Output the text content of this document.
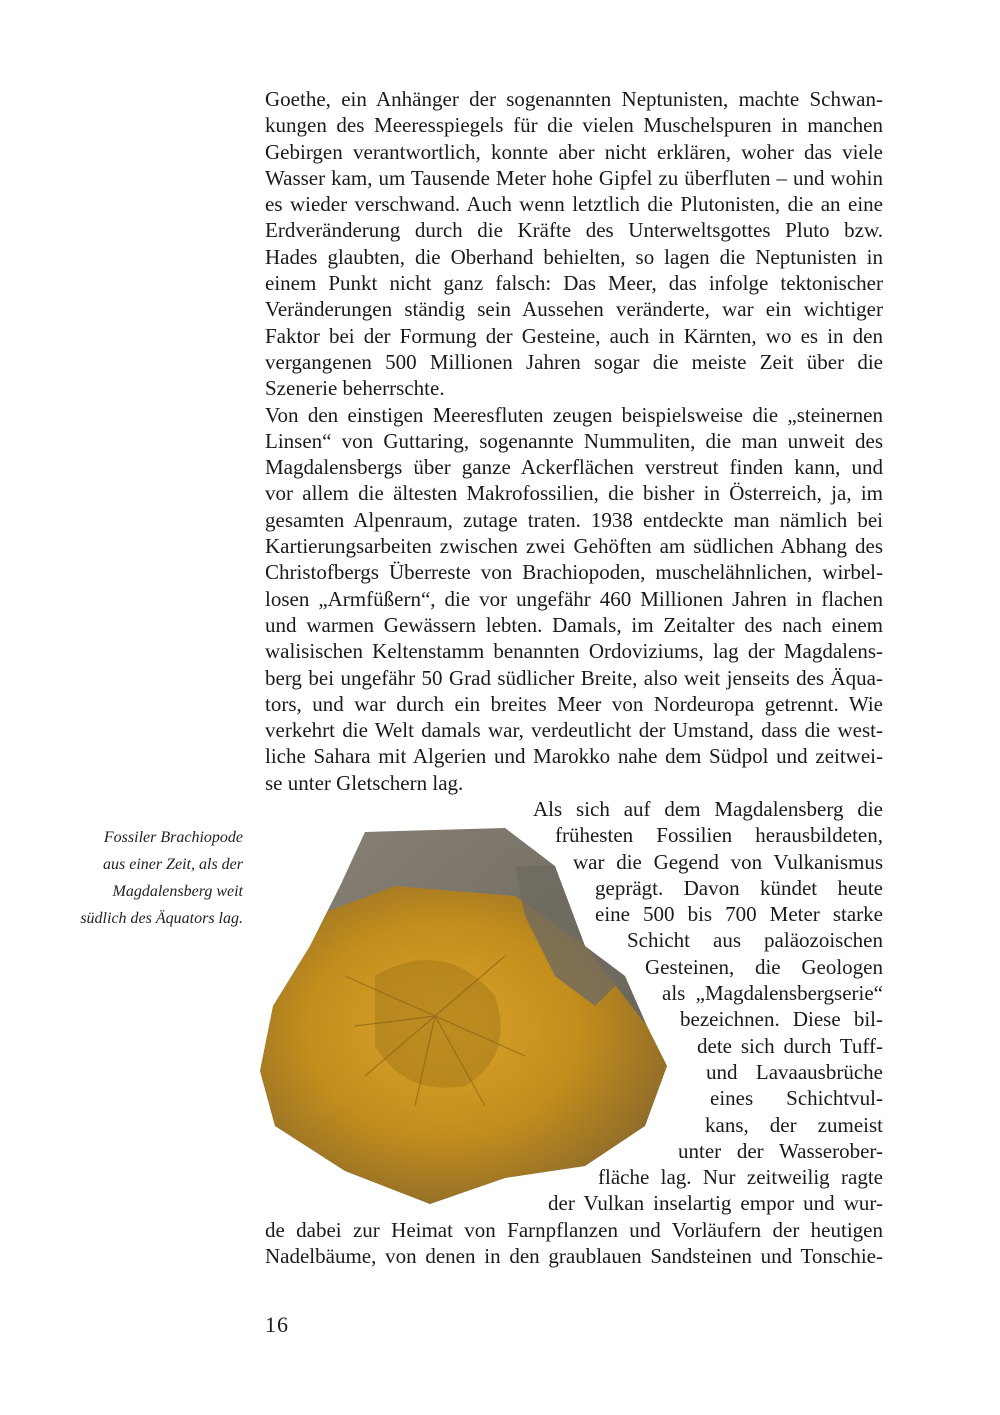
Goethe, ein Anhänger der sogenannten Neptunisten, machte Schwan-
kungen des Meeresspiegels für die vielen Muschelspuren in manchen
Gebirgen verantwortlich, konnte aber nicht erklären, woher das viele
Wasser kam, um Tausende Meter hohe Gipfel zu überfluten – und wohin
es wieder verschwand. Auch wenn letztlich die Plutonisten, die an eine
Erdveränderung durch die Kräfte des Unterweltsgottes Pluto bzw.
Hades glaubten, die Oberhand behielten, so lagen die Neptunisten in
einem Punkt nicht ganz falsch: Das Meer, das infolge tektonischer
Veränderungen ständig sein Aussehen veränderte, war ein wichtiger
Faktor bei der Formung der Gesteine, auch in Kärnten, wo es in den
vergangenen 500 Millionen Jahren sogar die meiste Zeit über die
Szenerie beherrschte.
Von den einstigen Meeresfluten zeugen beispielsweise die „steinernen
Linsen“ von Guttaring, sogenannte Nummuliten, die man unweit des
Magdalensbergs über ganze Ackerflächen verstreut finden kann, und
vor allem die ältesten Makrofossilien, die bisher in Österreich, ja, im
gesamten Alpenraum, zutage traten. 1938 entdeckte man nämlich bei
Kartierungsarbeiten zwischen zwei Gehöften am südlichen Abhang des
Christofbergs Überreste von Brachiopoden, muschelähnlichen, wirbel-
losen „Armfüßern“, die vor ungefähr 460 Millionen Jahren in flachen
und warmen Gewässern lebten. Damals, im Zeitalter des nach einem
walisischen Keltenstamm benannten Ordoviziums, lag der Magdalens-
berg bei ungefähr 50 Grad südlicher Breite, also weit jenseits des Äqua-
tors, und war durch ein breites Meer von Nordeuropa getrennt. Wie
verkehrt die Welt damals war, verdeutlicht der Umstand, dass die west-
liche Sahara mit Algerien und Marokko nahe dem Südpol und zeitwei-
se unter Gletschern lag.
Fossiler Brachiopode
aus einer Zeit, als der
Magdalensberg weit
südlich des Äquators lag.
Als sich auf dem Magdalensberg die
frühesten Fossilien herausbildeten,
war die Gegend von Vulkanismus
geprägt. Davon kündet heute
eine 500 bis 700 Meter starke
Schicht aus paläozoischen
Gesteinen, die Geologen
als „Magdalensbergserie“
bezeichnen. Diese bil-
dete sich durch Tuff-
und Lavaausbrüche
eines Schichtvul-
kans, der zumeist
unter der Wasserober-
fläche lag. Nur zeitweilig ragte
der Vulkan inselartig empor und wur-
de dabei zur Heimat von Farnpflanzen und Vorläufern der heutigen
Nadelbäume, von denen in den graublauen Sandsteinen und Tonschie-
16
